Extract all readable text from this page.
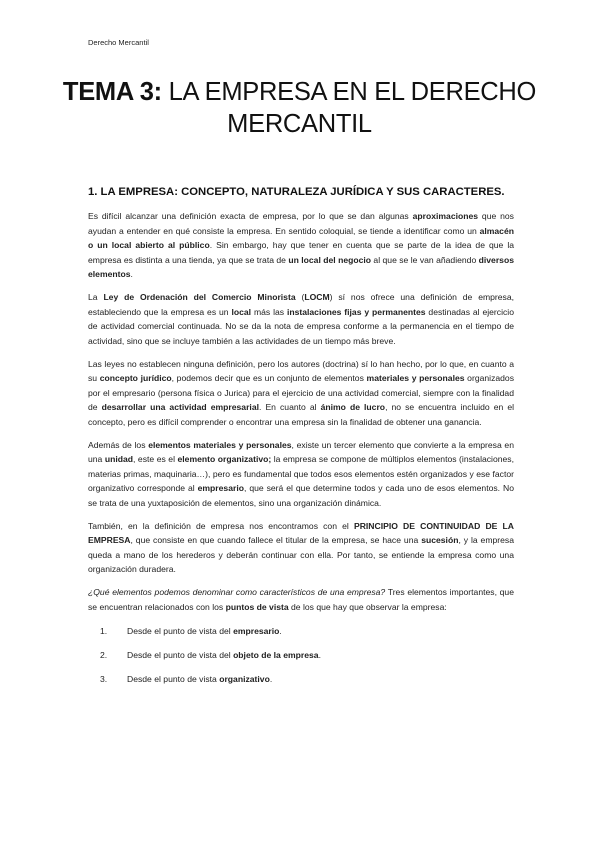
Derecho Mercantil
TEMA 3: LA EMPRESA EN EL DERECHO MERCANTIL
1. LA EMPRESA: CONCEPTO, NATURALEZA JURÍDICA Y SUS CARACTERES.

Es difícil alcanzar una definición exacta de empresa, por lo que se dan algunas aproximaciones que nos ayudan a entender en qué consiste la empresa. En sentido coloquial, se tiende a identificar como un almacén o un local abierto al público. Sin embargo, hay que tener en cuenta que se parte de la idea de que la empresa es distinta a una tienda, ya que se trata de un local del negocio al que se le van añadiendo diversos elementos.

La Ley de Ordenación del Comercio Minorista (LOCM) sí nos ofrece una definición de empresa, estableciendo que la empresa es un local más las instalaciones fijas y permanentes destinadas al ejercicio de actividad comercial continuada. No se da la nota de empresa conforme a la permanencia en el tiempo de actividad, sino que se incluye también a las actividades de un tiempo más breve.

Las leyes no establecen ninguna definición, pero los autores (doctrina) sí lo han hecho, por lo que, en cuanto a su concepto jurídico, podemos decir que es un conjunto de elementos materiales y personales organizados por el empresario (persona física o Jurica) para el ejercicio de una actividad comercial, siempre con la finalidad de desarrollar una actividad empresarial. En cuanto al ánimo de lucro, no se encuentra incluido en el concepto, pero es difícil comprender o encontrar una empresa sin la finalidad de obtener una ganancia.

Además de los elementos materiales y personales, existe un tercer elemento que convierte a la empresa en una unidad, este es el elemento organizativo; la empresa se compone de múltiplos elementos (instalaciones, materias primas, maquinaria…), pero es fundamental que todos esos elementos estén organizados y ese factor organizativo corresponde al empresario, que será el que determine todos y cada uno de esos elementos. No se trata de una yuxtaposición de elementos, sino una organización dinámica.

También, en la definición de empresa nos encontramos con el PRINCIPIO DE CONTINUIDAD DE LA EMPRESA, que consiste en que cuando fallece el titular de la empresa, se hace una sucesión, y la empresa queda a mano de los herederos y deberán continuar con ella. Por tanto, se entiende la empresa como una organización duradera.

¿Qué elementos podemos denominar como característicos de una empresa? Tres elementos importantes, que se encuentran relacionados con los puntos de vista de los que hay que observar la empresa:

1.	Desde el punto de vista del empresario.
2.	Desde el punto de vista del objeto de la empresa.
3.	Desde el punto de vista organizativo.
